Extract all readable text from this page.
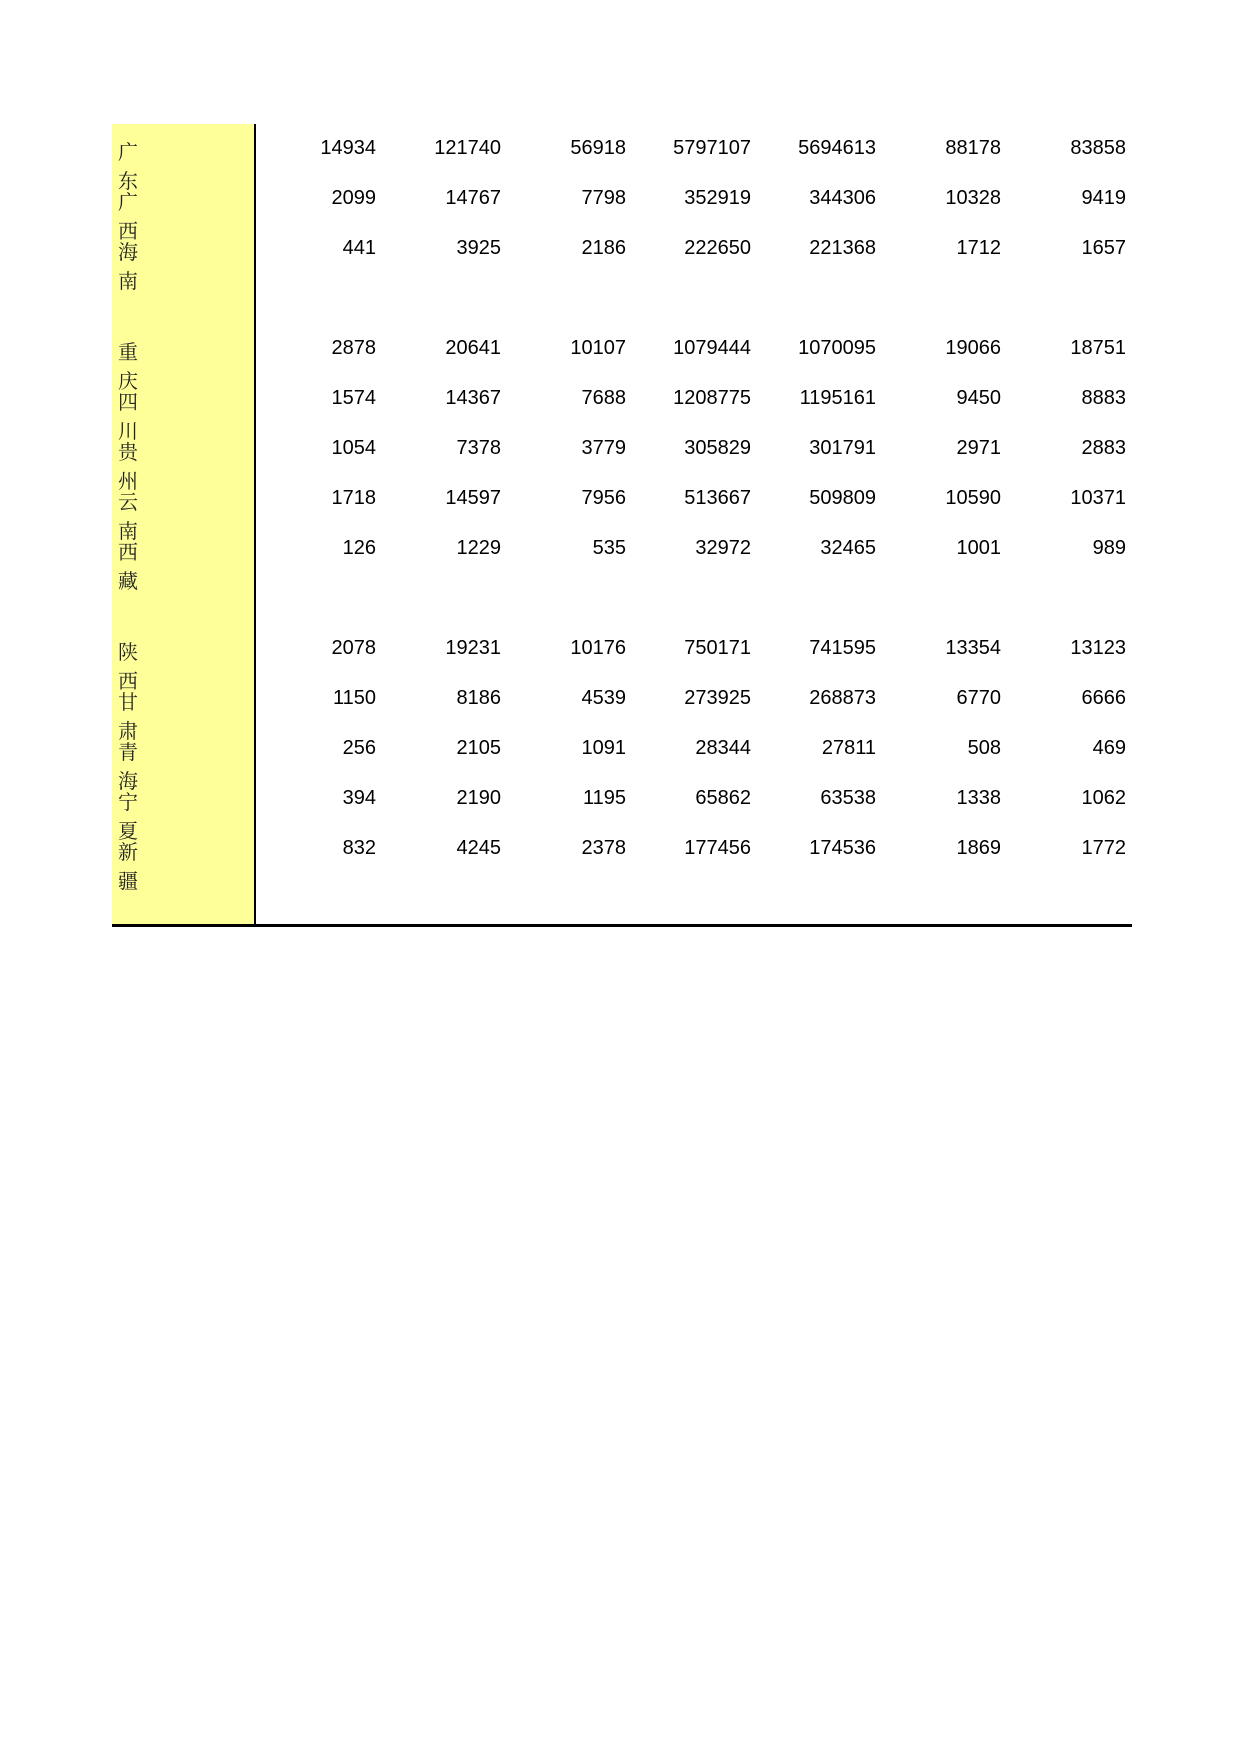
广东
14934	121740	56918	5797107	5694613	88178	83858
广西
2099	14767	7798	352919	344306	10328	9419
海南
441	3925	2186	222650	221368	1712	1657
重庆
2878	20641	10107	1079444	1070095	19066	18751
四川
1574	14367	7688	1208775	1195161	9450	8883
贵州
1054	7378	3779	305829	301791	2971	2883
云南
1718	14597	7956	513667	509809	10590	10371
西藏
126	1229	535	32972	32465	1001	989
陕西
2078	19231	10176	750171	741595	13354	13123
甘肃
1150	8186	4539	273925	268873	6770	6666
青海
256	2105	1091	28344	27811	508	469
宁夏
394	2190	1195	65862	63538	1338	1062
新疆
832	4245	2378	177456	174536	1869	1772
